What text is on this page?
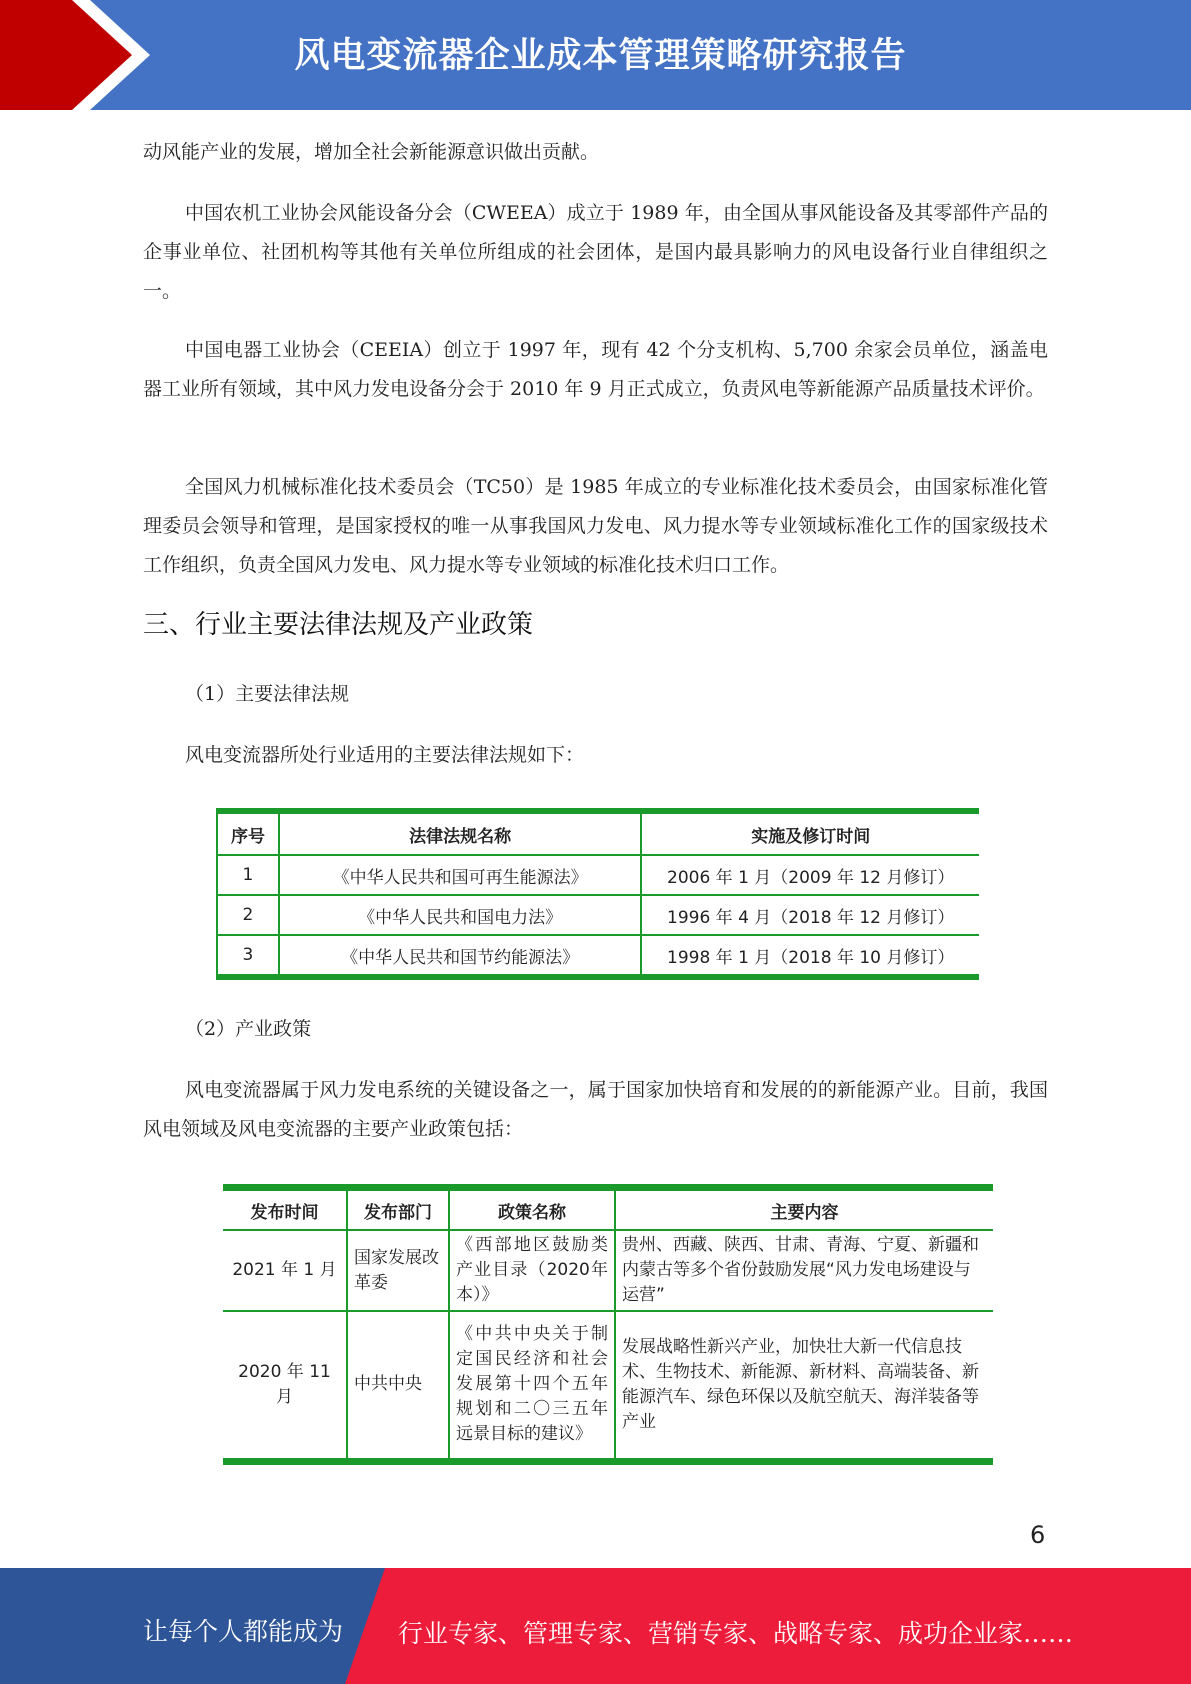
风电变流器企业成本管理策略研究报告

动风能产业的发展，增加全社会新能源意识做出贡献。

中国农机工业协会风能设备分会（CWEEA）成立于 1989 年，由全国从事风能设备及其零部件产品的企事业单位、社团机构等其他有关单位所组成的社会团体，是国内最具影响力的风电设备行业自律组织之一。

中国电器工业协会（CEEIA）创立于 1997 年，现有 42 个分支机构、5,700 余家会员单位，涵盖电器工业所有领域，其中风力发电设备分会于 2010 年 9 月正式成立，负责风电等新能源产品质量技术评价。

全国风力机械标准化技术委员会（TC50）是 1985 年成立的专业标准化技术委员会，由国家标准化管理委员会领导和管理，是国家授权的唯一从事我国风力发电、风力提水等专业领域标准化工作的国家级技术工作组织，负责全国风力发电、风力提水等专业领域的标准化技术归口工作。

三、行业主要法律法规及产业政策

（1）主要法律法规

风电变流器所处行业适用的主要法律法规如下：

序号	法律法规名称	实施及修订时间
1	《中华人民共和国可再生能源法》	2006 年 1 月（2009 年 12 月修订）
2	《中华人民共和国电力法》	1996 年 4 月（2018 年 12 月修订）
3	《中华人民共和国节约能源法》	1998 年 1 月（2018 年 10 月修订）

（2）产业政策

风电变流器属于风力发电系统的关键设备之一，属于国家加快培育和发展的的新能源产业。目前，我国风电领域及风电变流器的主要产业政策包括：

发布时间	发布部门	政策名称	主要内容
2021 年 1 月	国家发展改革委	《西部地区鼓励类产业目录（2020年本）》	贵州、西藏、陕西、甘肃、青海、宁夏、新疆和内蒙古等多个省份鼓励发展“风力发电场建设与运营”
2020 年 11 月	中共中央	《中共中央关于制定国民经济和社会发展第十四个五年规划和二〇三五年远景目标的建议》	发展战略性新兴产业，加快壮大新一代信息技术、生物技术、新能源、新材料、高端装备、新能源汽车、绿色环保以及航空航天、海洋装备等产业
6
让每个人都能成为 行业专家、管理专家、营销专家、战略专家、成功企业家……
